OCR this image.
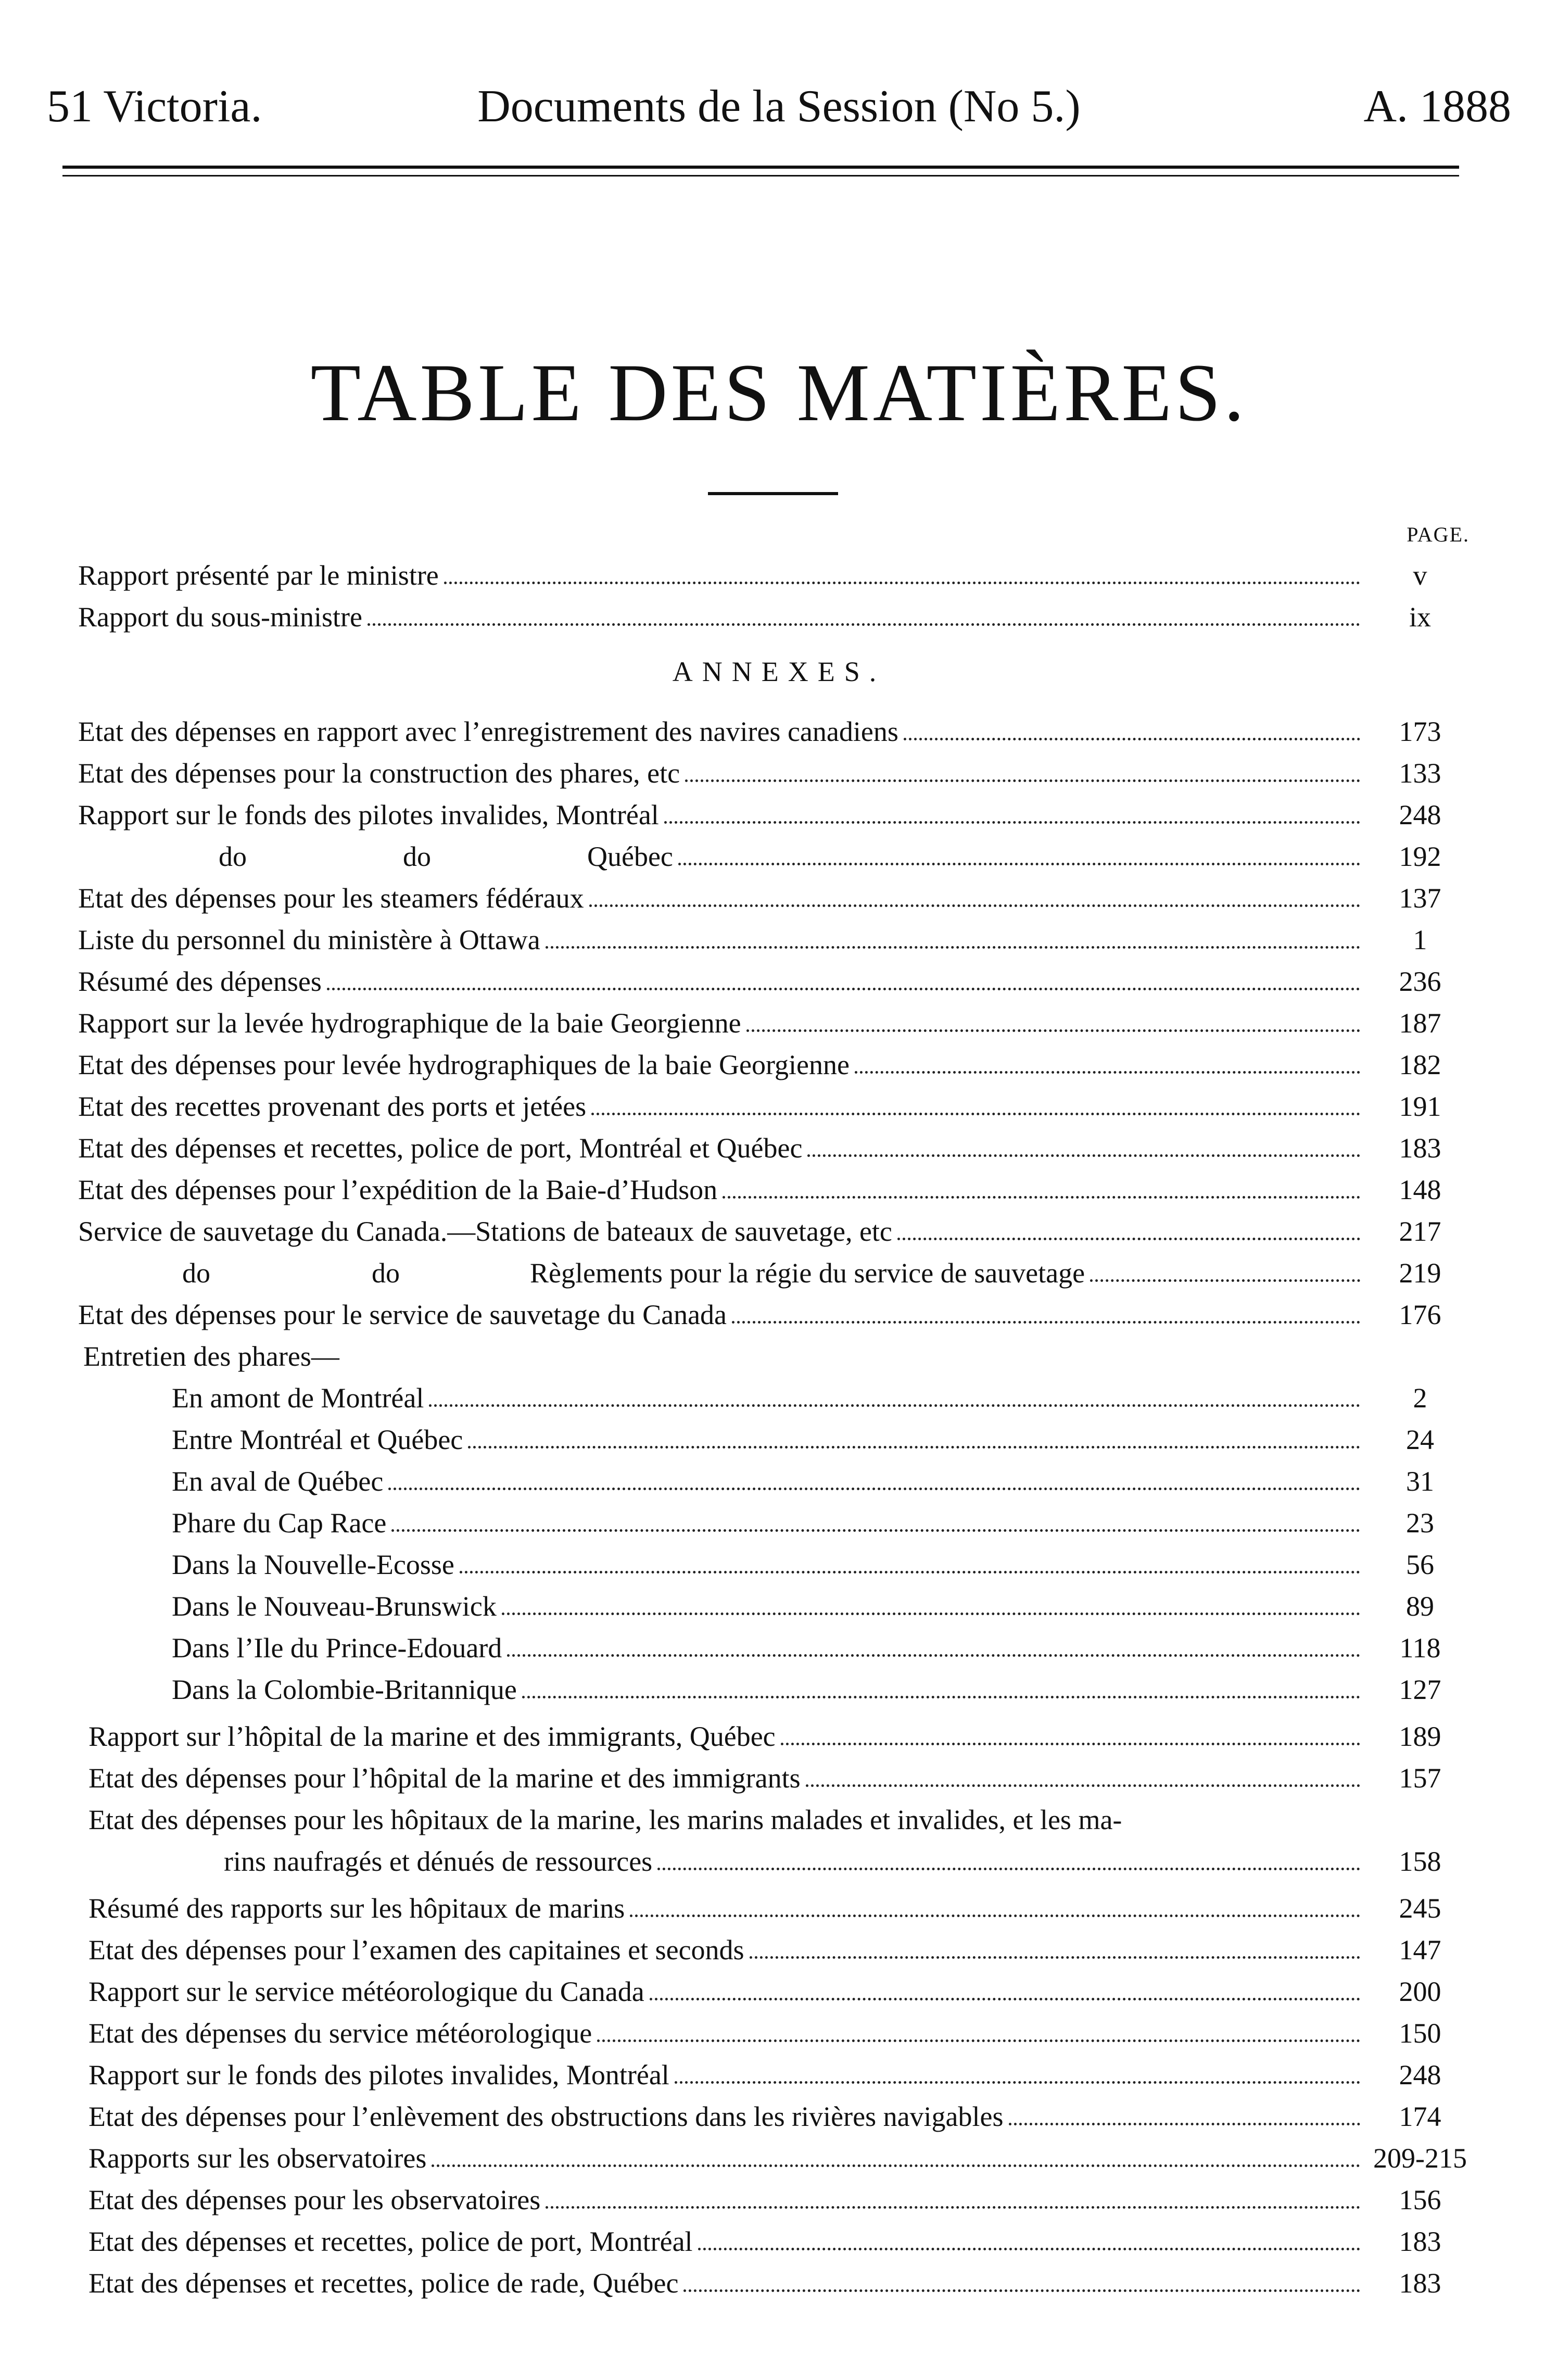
51 Victoria.	Documents de la Session (No 5.)	A. 1888
TABLE DES MATIÈRES.
PAGE.
Rapport présenté par le ministre	v
Rapport du sous-ministre	ix
ANNEXES.
Etat des dépenses en rapport avec l’enregistrement des navires canadiens	173
Etat des dépenses pour la construction des phares, etc	133
Rapport sur le fonds des pilotes invalides, Montréal	248
do	do	Québec	192
Etat des dépenses pour les steamers fédéraux	137
Liste du personnel du ministère à Ottawa	1
Résumé des dépenses	236
Rapport sur la levée hydrographique de la baie Georgienne	187
Etat des dépenses pour levée hydrographiques de la baie Georgienne	182
Etat des recettes provenant des ports et jetées	191
Etat des dépenses et recettes, police de port, Montréal et Québec	183
Etat des dépenses pour l’expédition de la Baie-d’Hudson	148
Service de sauvetage du Canada.—Stations de bateaux de sauvetage, etc	217
do	do	Règlements pour la régie du service de sauvetage	219
Etat des dépenses pour le service de sauvetage du Canada	176
Entretien des phares—
En amont de Montréal	2
Entre Montréal et Québec	24
En aval de Québec	31
Phare du Cap Race	23
Dans la Nouvelle-Ecosse	56
Dans le Nouveau-Brunswick	89
Dans l’Ile du Prince-Edouard	118
Dans la Colombie-Britannique	127
Rapport sur l’hôpital de la marine et des immigrants, Québec	189
Etat des dépenses pour l’hôpital de la marine et des immigrants	157
Etat des dépenses pour les hôpitaux de la marine, les marins malades et invalides, et les ma-
rins naufragés et dénués de ressources	158
Résumé des rapports sur les hôpitaux de marins	245
Etat des dépenses pour l’examen des capitaines et seconds	147
Rapport sur le service météorologique du Canada	200
Etat des dépenses du service météorologique	150
Rapport sur le fonds des pilotes invalides, Montréal	248
Etat des dépenses pour l’enlèvement des obstructions dans les rivières navigables	174
Rapports sur les observatoires	209-215
Etat des dépenses pour les observatoires	156
Etat des dépenses et recettes, police de port, Montréal	183
Etat des dépenses et recettes, police de rade, Québec	183
